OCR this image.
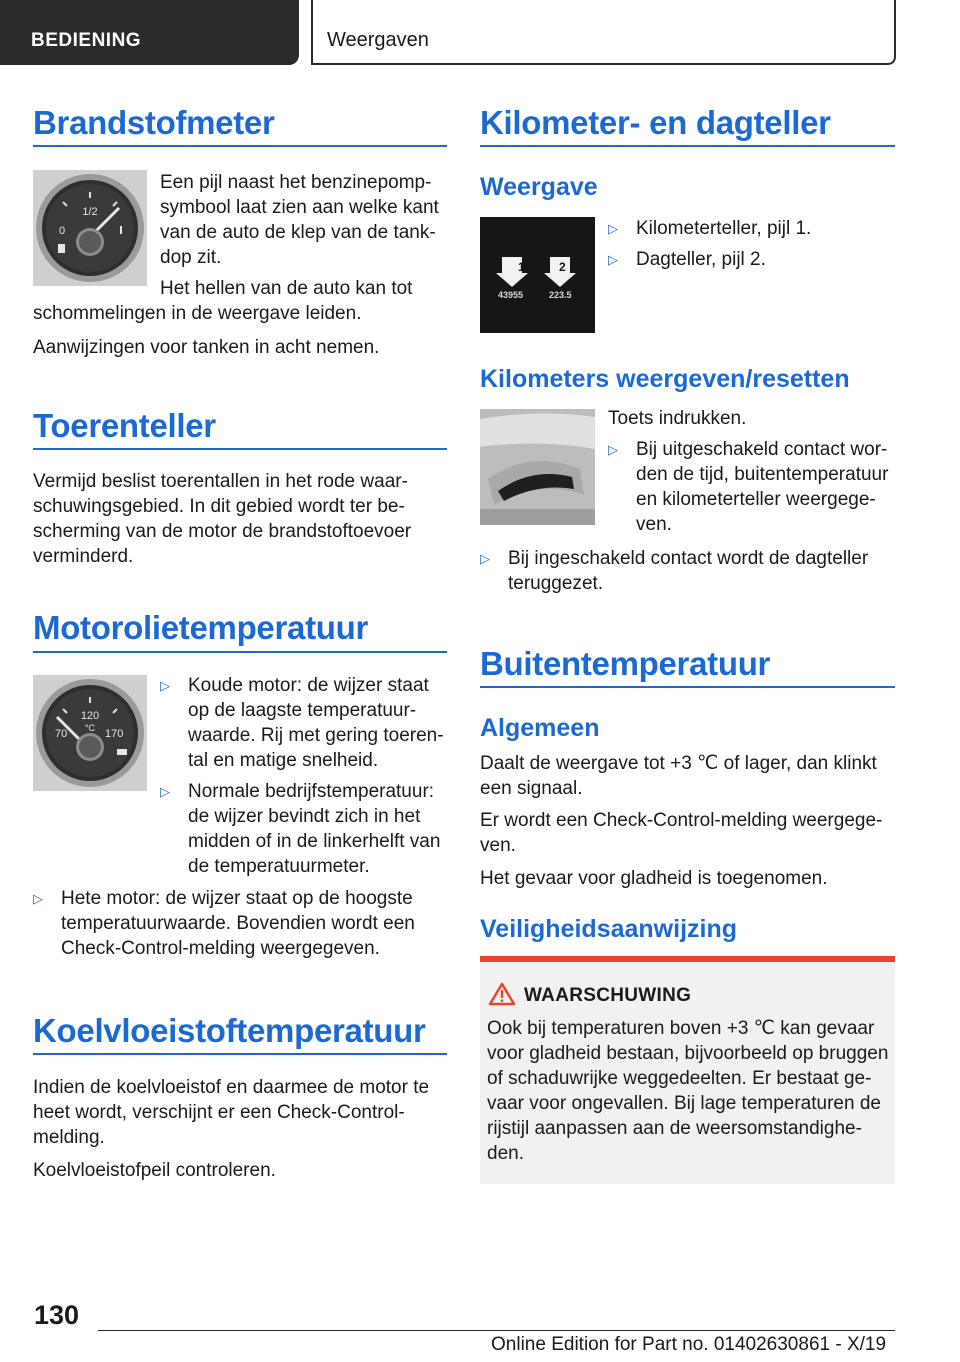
BEDIENING	Weergaven
Brandstofmeter
1/2
0
Een pijl naast het benzinepomp-symbool laat zien aan welke kant van de auto de klep van de tank-dop zit.
Het hellen van de auto kan tot
schommelingen in de weergave leiden.
Aanwijzingen voor tanken in acht nemen.
Toerenteller
Vermijd beslist toerentallen in het rode waar-schuwingsgebied. In dit gebied wordt ter be-scherming van de motor de brandstoftoevoer verminderd.
Motorolietemperatuur
120
°C
70	170
▷ Koude motor: de wijzer staat op de laagste temperatuur-waarde. Rij met gering toeren-tal en matige snelheid.
▷ Normale bedrijfstemperatuur: de wijzer bevindt zich in het midden of in de linkerhelft van de temperatuurmeter.
▷ Hete motor: de wijzer staat op de hoogste temperatuurwaarde. Bovendien wordt een Check-Control-melding weergegeven.
Koelvloeistoftemperatuur
Indien de koelvloeistof en daarmee de motor te heet wordt, verschijnt er een Check-Control-melding.
Koelvloeistofpeil controleren.
Kilometer- en dagteller
Weergave
1	2
43955	223.5
▷ Kilometerteller, pijl 1.
▷ Dagteller, pijl 2.
Kilometers weergeven/resetten
Toets indrukken.
▷ Bij uitgeschakeld contact wor-den de tijd, buitentemperatuur en kilometerteller weergege-ven.
▷ Bij ingeschakeld contact wordt de dagteller teruggezet.
Buitentemperatuur
Algemeen
Daalt de weergave tot +3 ℃ of lager, dan klinkt een signaal.
Er wordt een Check-Control-melding weergege-ven.
Het gevaar voor gladheid is toegenomen.
Veiligheidsaanwijzing
WAARSCHUWING
Ook bij temperaturen boven +3 ℃ kan gevaar voor gladheid bestaan, bijvoorbeeld op bruggen of schaduwrijke weggedeelten. Er bestaat ge-vaar voor ongevallen. Bij lage temperaturen de rijstijl aanpassen aan de weersomstandighe-den.
130
Online Edition for Part no. 01402630861 - X/19
